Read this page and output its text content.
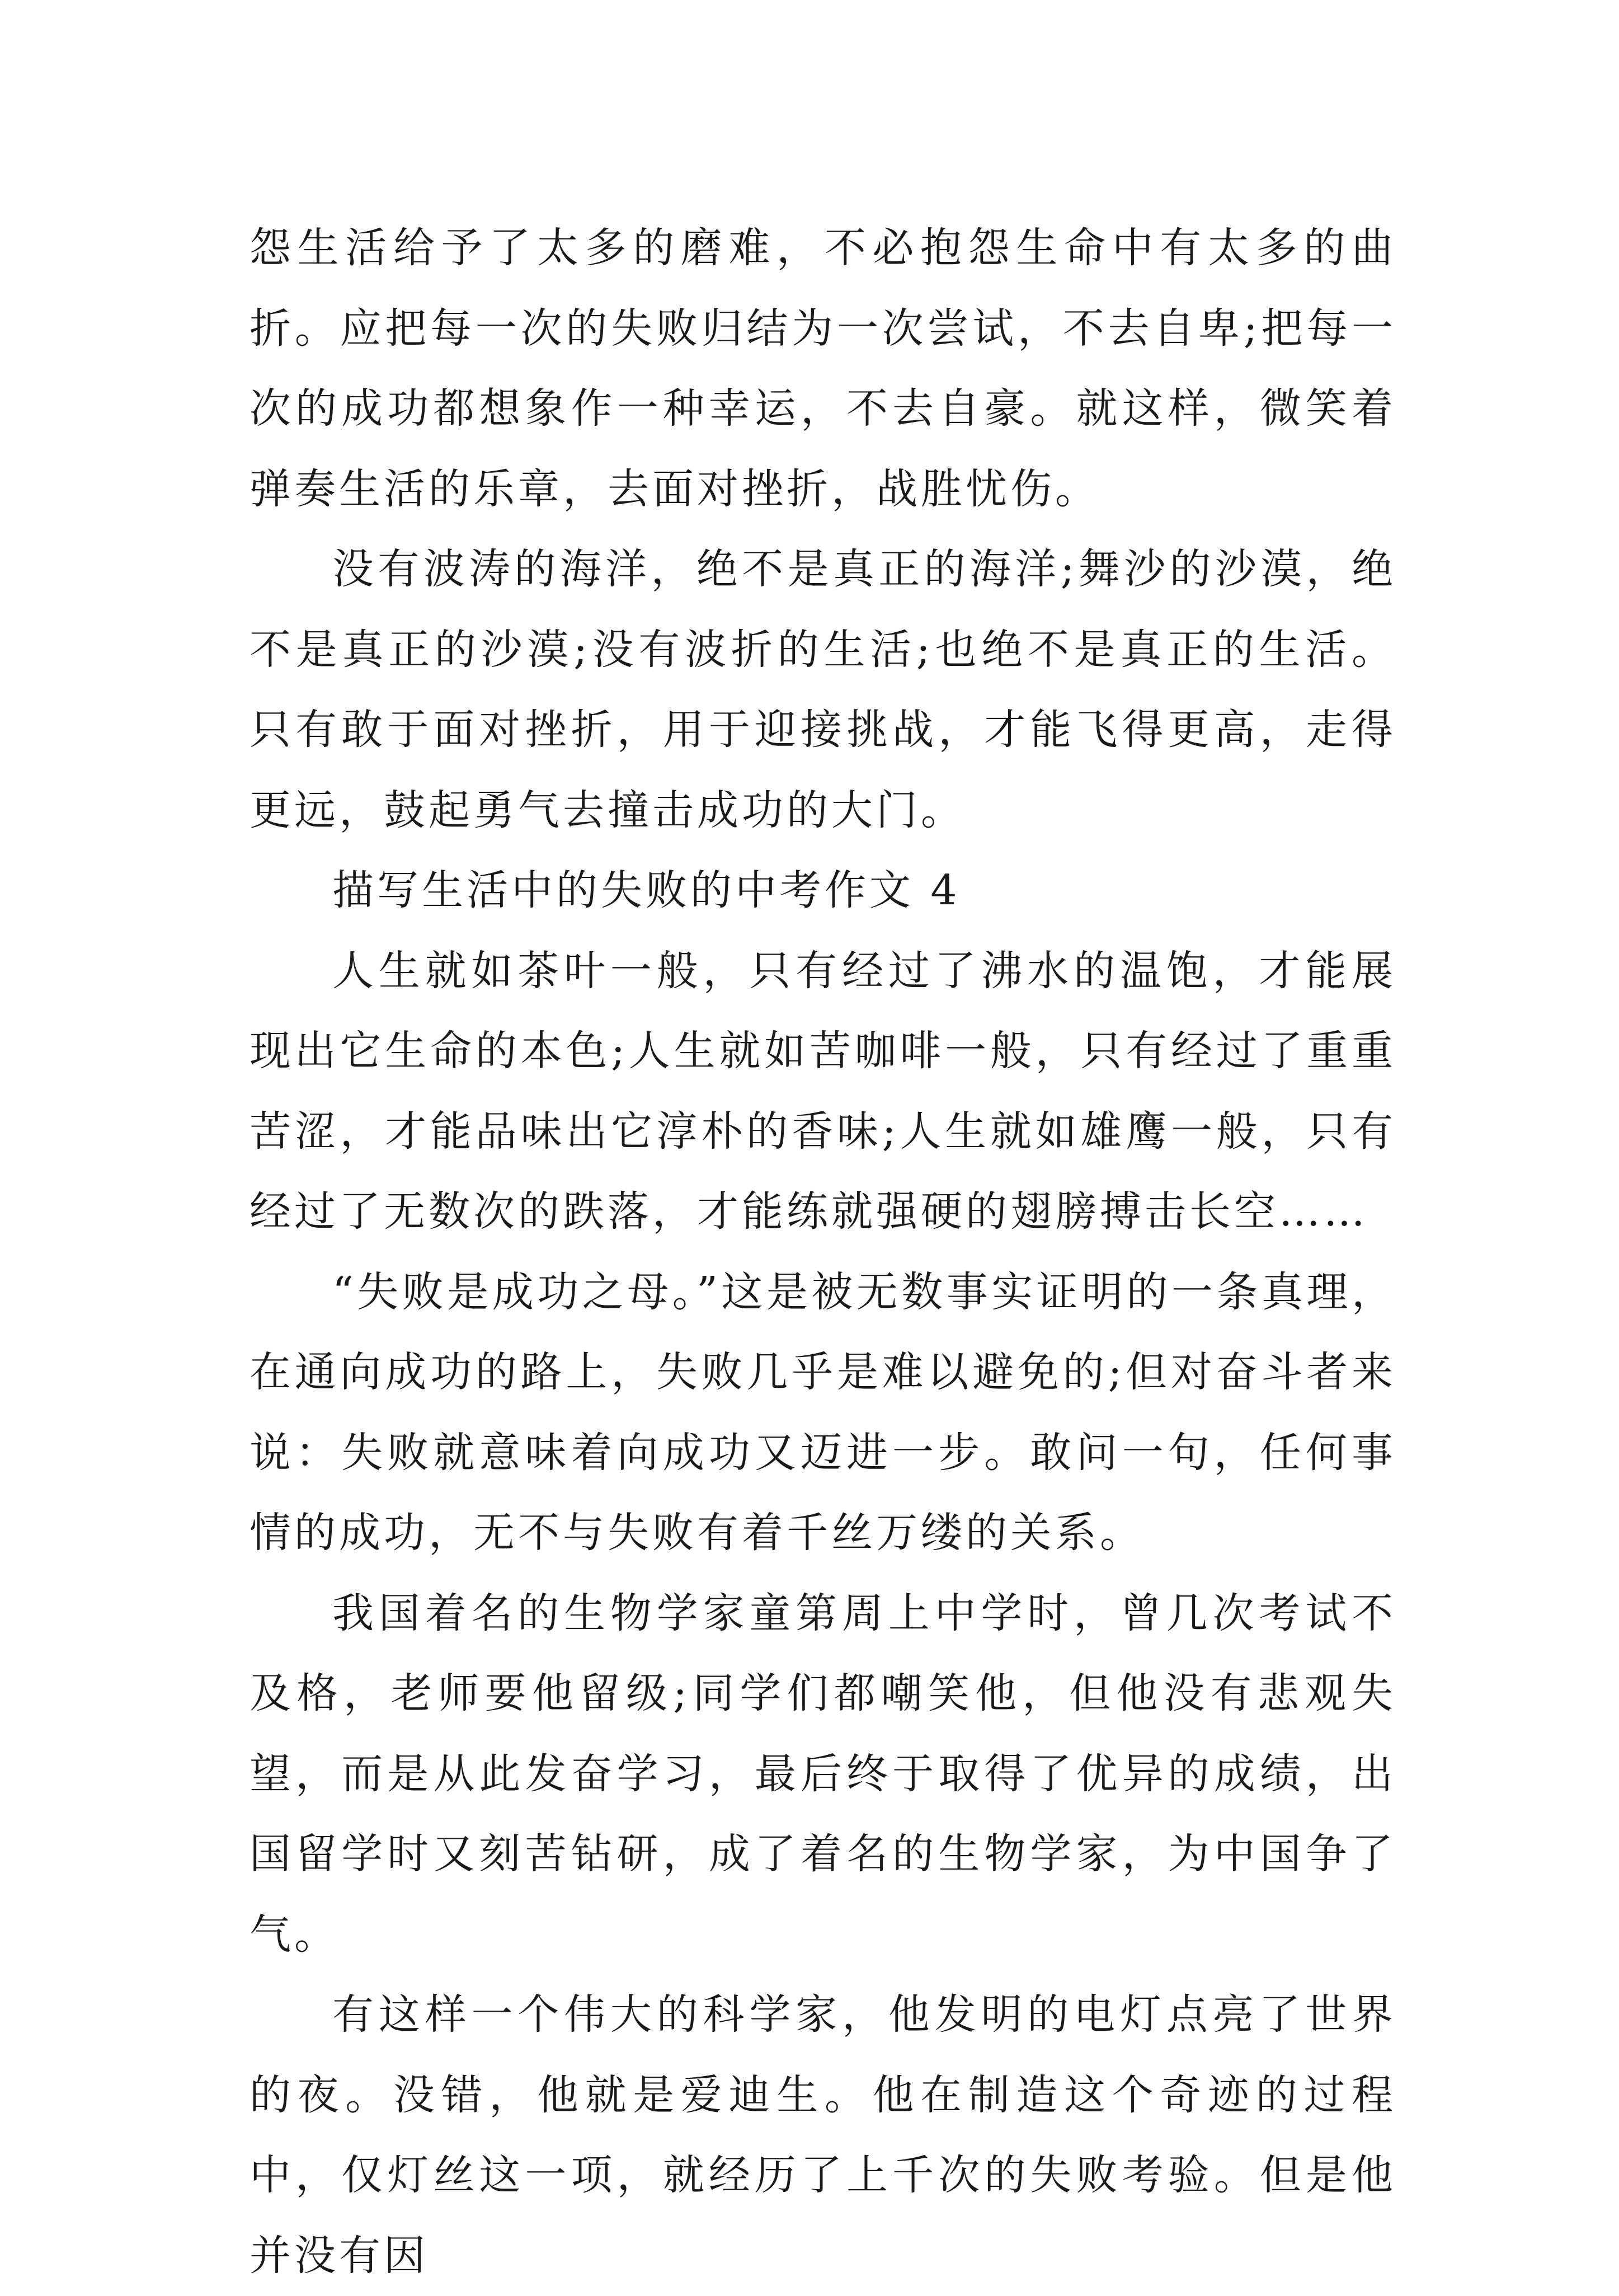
怨生活给予了太多的磨难，不必抱怨生命中有太多的曲折。应把每一次的失败归结为一次尝试，不去自卑;把每一次的成功都想象作一种幸运，不去自豪。就这样，微笑着弹奏生活的乐章，去面对挫折，战胜忧伤。

没有波涛的海洋，绝不是真正的海洋;舞沙的沙漠，绝不是真正的沙漠;没有波折的生活;也绝不是真正的生活。只有敢于面对挫折，用于迎接挑战，才能飞得更高，走得更远，鼓起勇气去撞击成功的大门。

描写生活中的失败的中考作文 4

人生就如茶叶一般，只有经过了沸水的温饱，才能展现出它生命的本色;人生就如苦咖啡一般，只有经过了重重苦涩，才能品味出它淳朴的香味;人生就如雄鹰一般，只有经过了无数次的跌落，才能练就强硬的翅膀搏击长空……

“失败是成功之母。”这是被无数事实证明的一条真理，在通向成功的路上，失败几乎是难以避免的;但对奋斗者来说：失败就意味着向成功又迈进一步。敢问一句，任何事情的成功，无不与失败有着千丝万缕的关系。

我国着名的生物学家童第周上中学时，曾几次考试不及格，老师要他留级;同学们都嘲笑他，但他没有悲观失望，而是从此发奋学习，最后终于取得了优异的成绩，出国留学时又刻苦钻研，成了着名的生物学家，为中国争了气。

有这样一个伟大的科学家，他发明的电灯点亮了世界的夜。没错，他就是爱迪生。他在制造这个奇迹的过程中，仅灯丝这一项，就经历了上千次的失败考验。但是他并没有因
